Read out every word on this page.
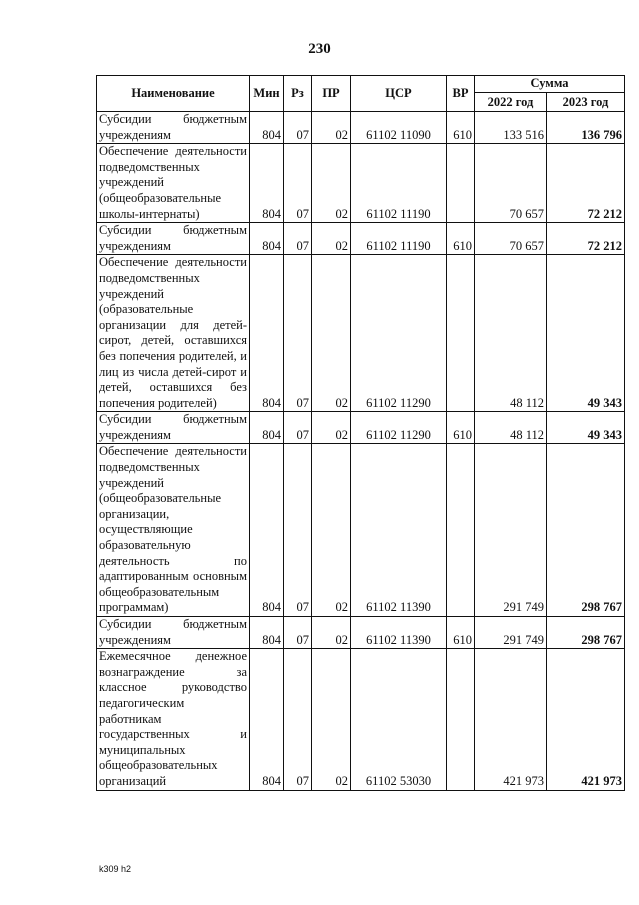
230
Наименование	Мин	Рз	ПР	ЦСР	ВР	Сумма	
						2022 год	2023 год
Субсидии бюджетным учреждениям	804	07	02	61102 11090	610	133 516	136 796
Обеспечение деятельности подведомственных учреждений (общеобразовательные школы-интернаты)	804	07	02	61102 11190		70 657	72 212
Субсидии бюджетным учреждениям	804	07	02	61102 11190	610	70 657	72 212
Обеспечение деятельности подведомственных учреждений (образовательные организации для детей-сирот, детей, оставшихся без попечения родителей, и лиц из числа детей-сирот и детей, оставшихся без попечения родителей)	804	07	02	61102 11290		48 112	49 343
Субсидии бюджетным учреждениям	804	07	02	61102 11290	610	48 112	49 343
Обеспечение деятельности подведомственных учреждений (общеобразовательные организации, осуществляющие образовательную деятельность по адаптированным основным общеобразовательным программам)	804	07	02	61102 11390		291 749	298 767
Субсидии бюджетным учреждениям	804	07	02	61102 11390	610	291 749	298 767
Ежемесячное денежное вознаграждение за классное руководство педагогическим работникам государственных и муниципальных общеобразовательных организаций	804	07	02	61102 53030		421 973	421 973
k309 h2
